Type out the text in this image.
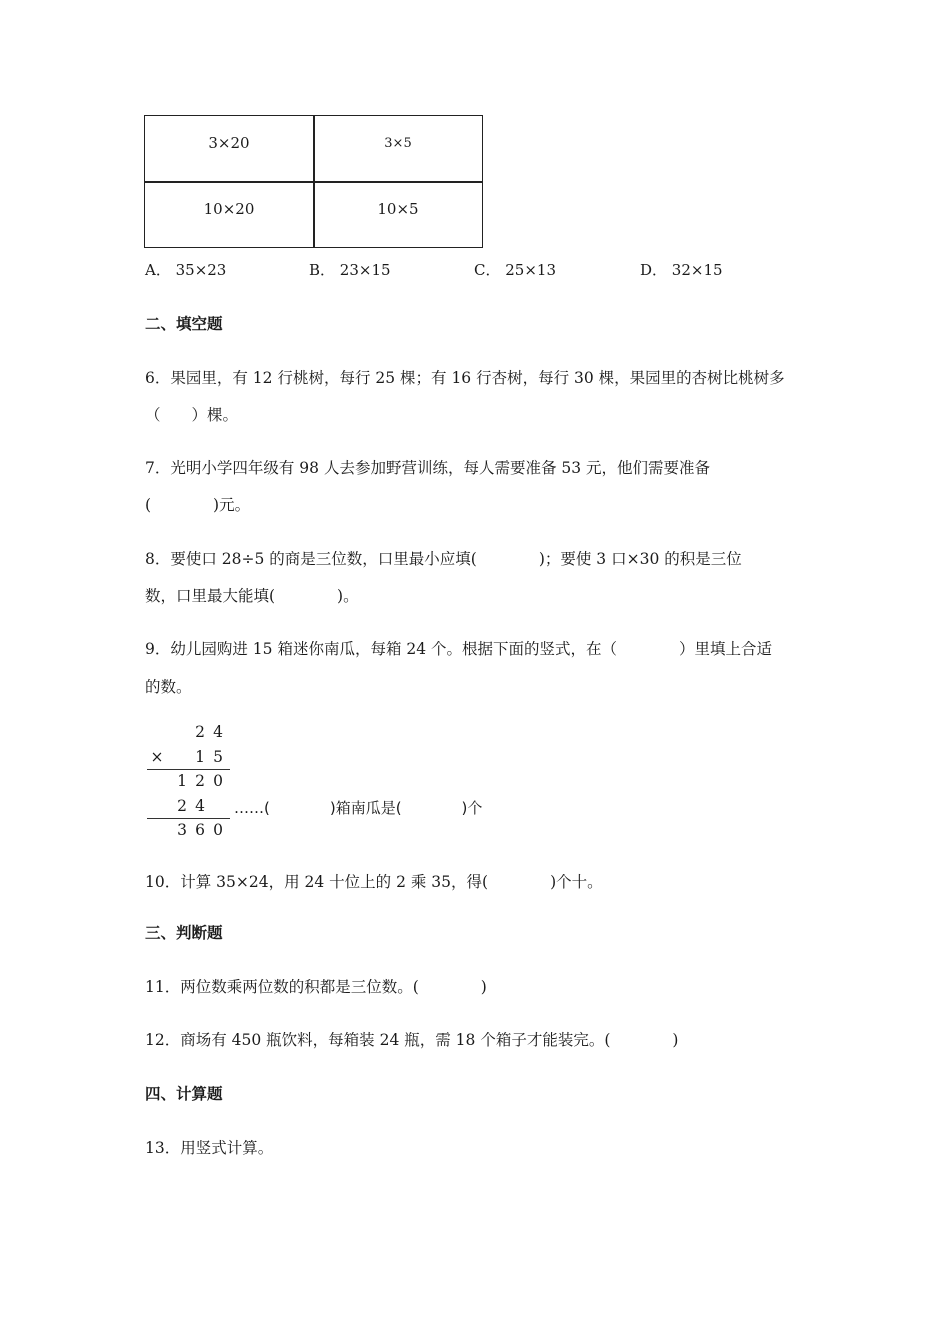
3×20	3×5
10×20	10×5
A． 35×23	B． 23×15	C． 25×13	D． 32×15
二、填空题
6．果园里，有 12 行桃树，每行 25 棵；有 16 行杏树，每行 30 棵，果园里的杏树比桃树多
（　　）棵。
7．光明小学四年级有 98 人去参加野营训练，每人需要准备 53 元，他们需要准备
(　　　　)元。
8．要使口 28÷5 的商是三位数，口里最小应填(　　　　)；要使 3 口×30 的积是三位
数，口里最大能填(　　　　)。
9．幼儿园购进 15 箱迷你南瓜，每箱 24 个。根据下面的竖式，在（　　　　）里填上合适
的数。
2 4
×	1 5
1 2 0
2 4	……(　　　　)箱南瓜是(　　　　)个
3 6 0
10．计算 35×24，用 24 十位上的 2 乘 35，得(　　　　)个十。
三、判断题
11．两位数乘两位数的积都是三位数。(　　　　)
12．商场有 450 瓶饮料，每箱装 24 瓶，需 18 个箱子才能装完。(　　　　)
四、计算题
13．用竖式计算。
